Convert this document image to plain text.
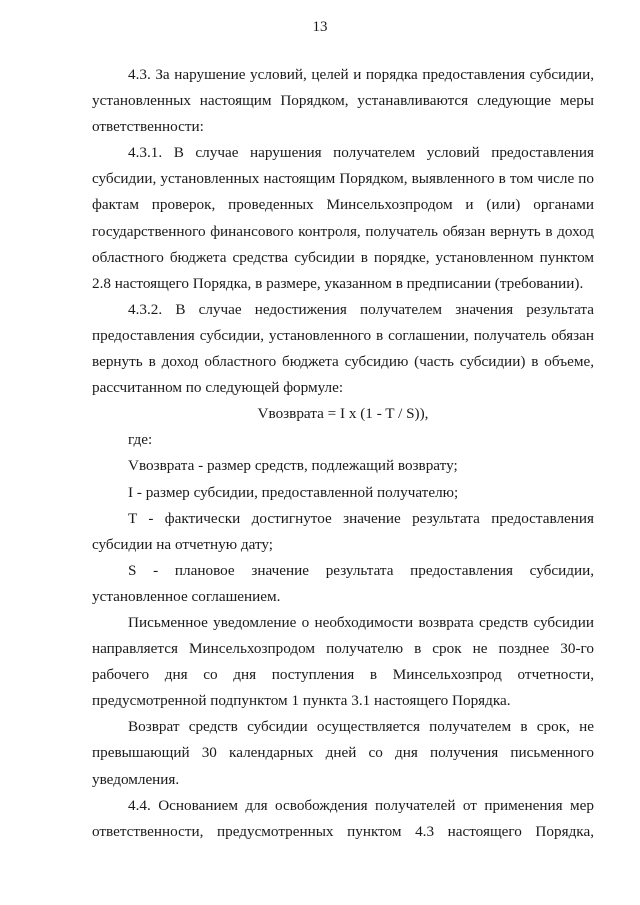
13
4.3. За нарушение условий, целей и порядка предоставления субсидии,
установленных настоящим Порядком, устанавливаются следующие меры
ответственности:
4.3.1. В случае нарушения получателем условий предоставления
субсидии, установленных настоящим Порядком, выявленного в том числе по
фактам проверок, проведенных Минсельхозпродом и (или) органами
государственного финансового контроля, получатель обязан вернуть в доход
областного бюджета средства субсидии в порядке, установленном пунктом
2.8 настоящего Порядка, в размере, указанном в предписании (требовании).
4.3.2. В случае недостижения получателем значения результата
предоставления субсидии, установленного в соглашении, получатель обязан
вернуть в доход областного бюджета субсидию (часть субсидии) в объеме,
рассчитанном по следующей формуле:
Vвозврата = I x (1 - T / S)),
где:
Vвозврата - размер средств, подлежащий возврату;
I - размер субсидии, предоставленной получателю;
T - фактически достигнутое значение результата предоставления
субсидии на отчетную дату;
S - плановое значение результата предоставления субсидии,
установленное соглашением.
Письменное уведомление о необходимости возврата средств субсидии
направляется Минсельхозпродом получателю в срок не позднее 30-го
рабочего дня со дня поступления в Минсельхозпрод отчетности,
предусмотренной подпунктом 1 пункта 3.1 настоящего Порядка.
Возврат средств субсидии осуществляется получателем в срок, не
превышающий 30 календарных дней со дня получения письменного
уведомления.
4.4. Основанием для освобождения получателей от применения мер
ответственности, предусмотренных пунктом 4.3 настоящего Порядка,
